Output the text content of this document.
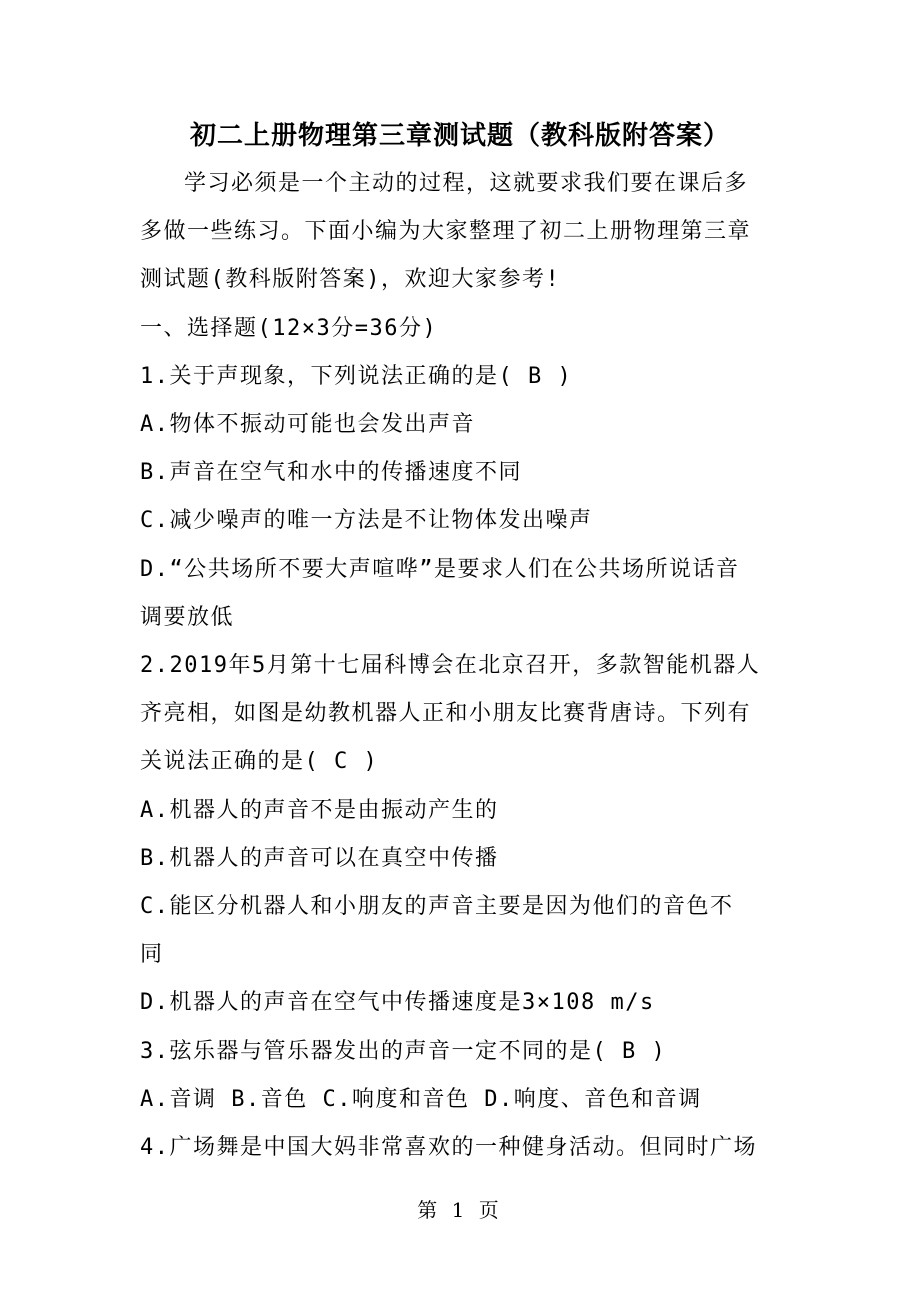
初二上册物理第三章测试题（教科版附答案）
学习必须是一个主动的过程，这就要求我们要在课后多
多做一些练习。下面小编为大家整理了初二上册物理第三章
测试题(教科版附答案)，欢迎大家参考!
一、选择题(12×3分=36分)
1.关于声现象，下列说法正确的是( B )
A.物体不振动可能也会发出声音
B.声音在空气和水中的传播速度不同
C.减少噪声的唯一方法是不让物体发出噪声
D.“公共场所不要大声喧哗”是要求人们在公共场所说话音
调要放低
2.2019年5月第十七届科博会在北京召开，多款智能机器人
齐亮相，如图是幼教机器人正和小朋友比赛背唐诗。下列有
关说法正确的是( C )
A.机器人的声音不是由振动产生的
B.机器人的声音可以在真空中传播
C.能区分机器人和小朋友的声音主要是因为他们的音色不
同
D.机器人的声音在空气中传播速度是3×108 m/s
3.弦乐器与管乐器发出的声音一定不同的是( B )
A.音调 B.音色 C.响度和音色 D.响度、音色和音调
4.广场舞是中国大妈非常喜欢的一种健身活动。但同时广场
第 1 页
